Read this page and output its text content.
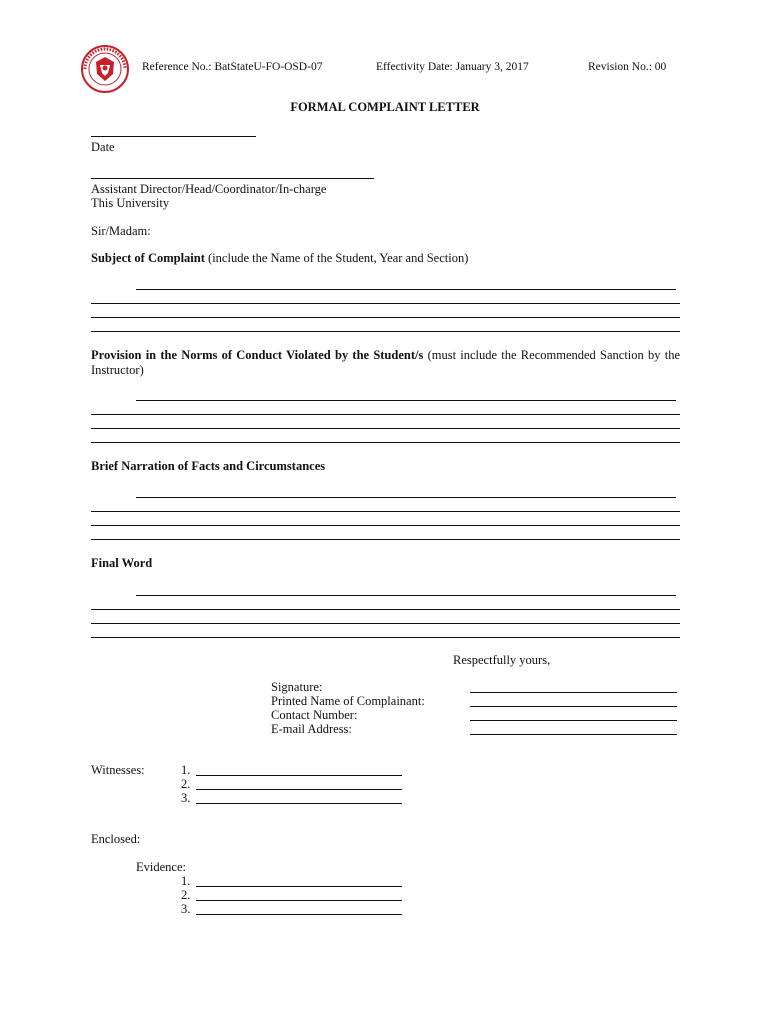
Reference No.: BatStateU-FO-OSD-07	Effectivity Date: January 3, 2017	Revision No.: 00
FORMAL COMPLAINT LETTER
Date
Assistant Director/Head/Coordinator/In-charge
This University
Sir/Madam:
Subject of Complaint (include the Name of the Student, Year and Section)
Provision in the Norms of Conduct Violated by the Student/s (must include the Recommended Sanction by the Instructor)
Brief Narration of Facts and Circumstances
Final Word
Respectfully yours,
Signature:
Printed Name of Complainant:
Contact Number:
E-mail Address:
Witnesses:	1.
2.
3.
Enclosed:
Evidence:
1.
2.
3.
